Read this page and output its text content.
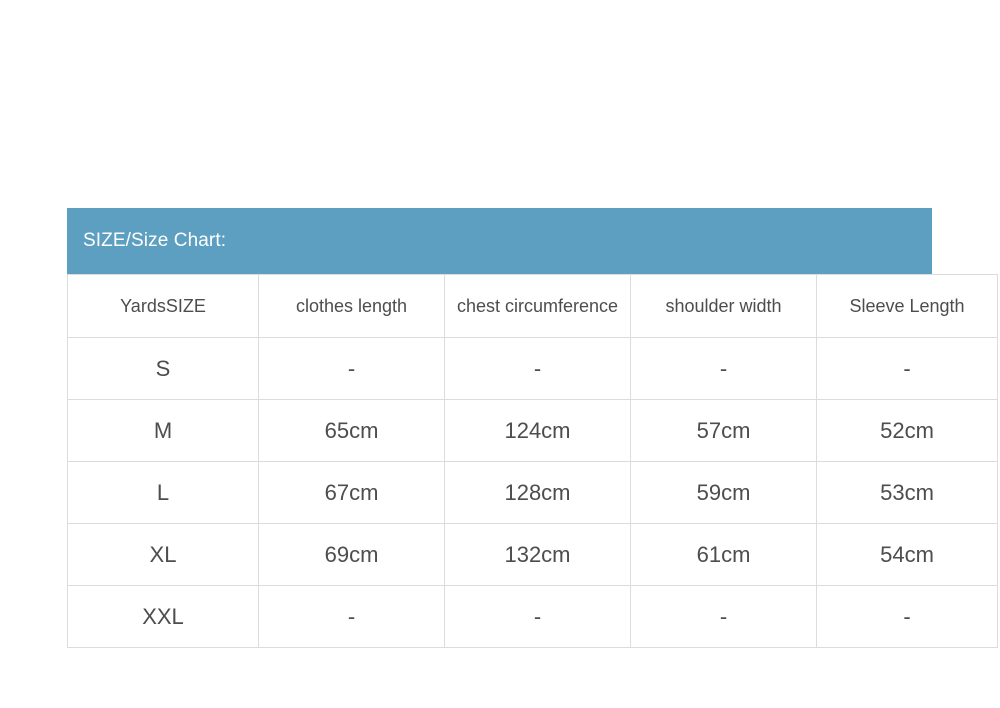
SIZE/Size Chart:
YardsSIZE	clothes length	chest circumference	shoulder width	Sleeve Length
S	-	-	-	-
M	65cm	124cm	57cm	52cm
L	67cm	128cm	59cm	53cm
XL	69cm	132cm	61cm	54cm
XXL	-	-	-	-
